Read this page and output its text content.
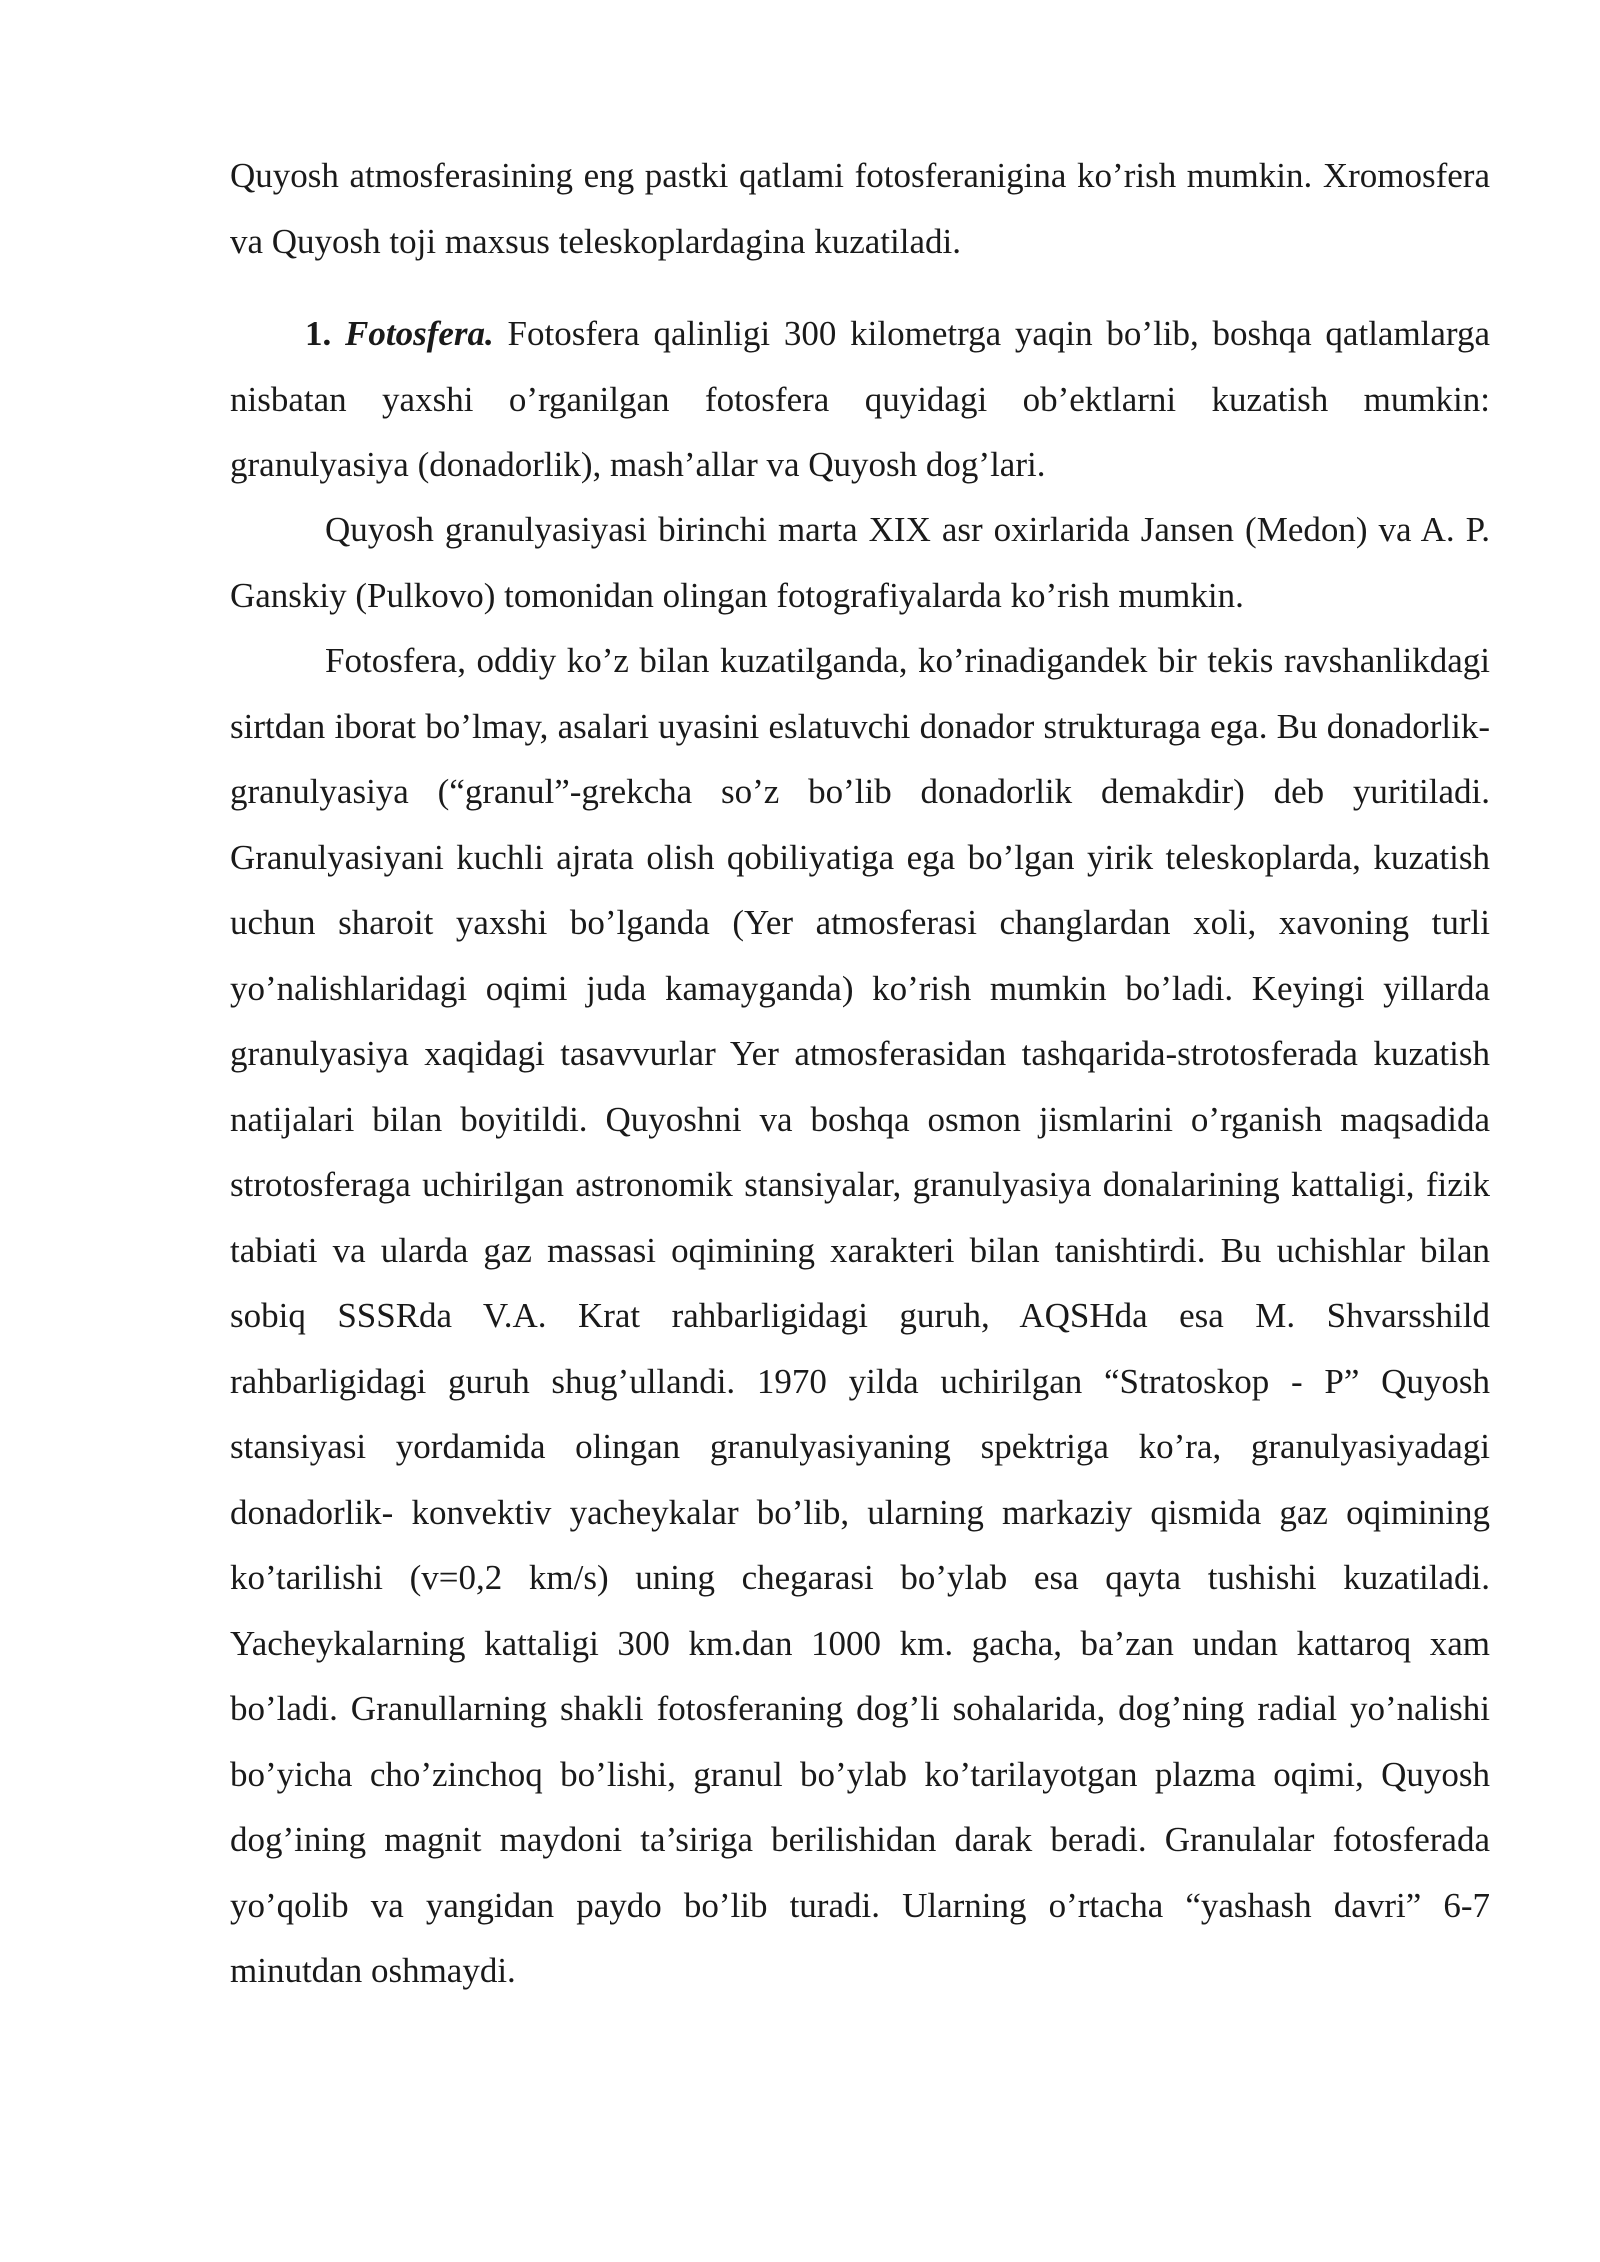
Quyosh atmosferasining eng pastki qatlami fotosferanigina ko’rish mumkin. Xromosfera va Quyosh toji maxsus teleskoplardagina kuzatiladi.

1. Fotosfera. Fotosfera qalinligi 300 kilometrga yaqin bo’lib, boshqa qatlamlarga nisbatan yaxshi o’rganilgan fotosfera quyidagi ob’ektlarni kuzatish mumkin: granulyasiya (donadorlik), mash’allar va Quyosh dog’lari.

Quyosh granulyasiyasi birinchi marta XIX asr oxirlarida Jansen (Medon) va A. P. Ganskiy (Pulkovo) tomonidan olingan fotografiyalarda ko’rish mumkin.

Fotosfera, oddiy ko’z bilan kuzatilganda, ko’rinadigandek bir tekis ravshanlikdagi sirtdan iborat bo’lmay, asalari uyasini eslatuvchi donador strukturaga ega. Bu donadorlik-granulyasiya (“granul”-grekcha so’z bo’lib donadorlik demakdir) deb yuritiladi. Granulyasiyani kuchli ajrata olish qobiliyatiga ega bo’lgan yirik teleskoplarda, kuzatish uchun sharoit yaxshi bo’lganda (Yer atmosferasi changlardan xoli, xavoning turli yo’nalishlaridagi oqimi juda kamayganda) ko’rish mumkin bo’ladi. Keyingi yillarda granulyasiya xaqidagi tasavvurlar Yer atmosferasidan tashqarida-strotosferada kuzatish natijalari bilan boyitildi. Quyoshni va boshqa osmon jismlarini o’rganish maqsadida strotosferaga uchirilgan astronomik stansiyalar, granulyasiya donalarining kattaligi, fizik tabiati va ularda gaz massasi oqimining xarakteri bilan tanishtirdi. Bu uchishlar bilan sobiq SSSRda V.A. Krat rahbarligidagi guruh, AQSHda esa M. Shvarsshild rahbarligidagi guruh shug’ullandi. 1970 yilda uchirilgan “Stratoskop - P” Quyosh stansiyasi yordamida olingan granulyasiyaning spektriga ko’ra, granulyasiyadagi donadorlik- konvektiv yacheykalar bo’lib, ularning markaziy qismida gaz oqimining ko’tarilishi (v=0,2 km/s) uning chegarasi bo’ylab esa qayta tushishi kuzatiladi. Yacheykalarning kattaligi 300 km.dan 1000 km. gacha, ba’zan undan kattaroq xam bo’ladi. Granullarning shakli fotosferaning dog’li sohalarida, dog’ning radial yo’nalishi bo’yicha cho’zinchoq bo’lishi, granul bo’ylab ko’tarilayotgan plazma oqimi, Quyosh dog’ining magnit maydoni ta’siriga berilishidan darak beradi. Granulalar fotosferada yo’qolib va yangidan paydo bo’lib turadi. Ularning o’rtacha “yashash davri” 6-7 minutdan oshmaydi.
